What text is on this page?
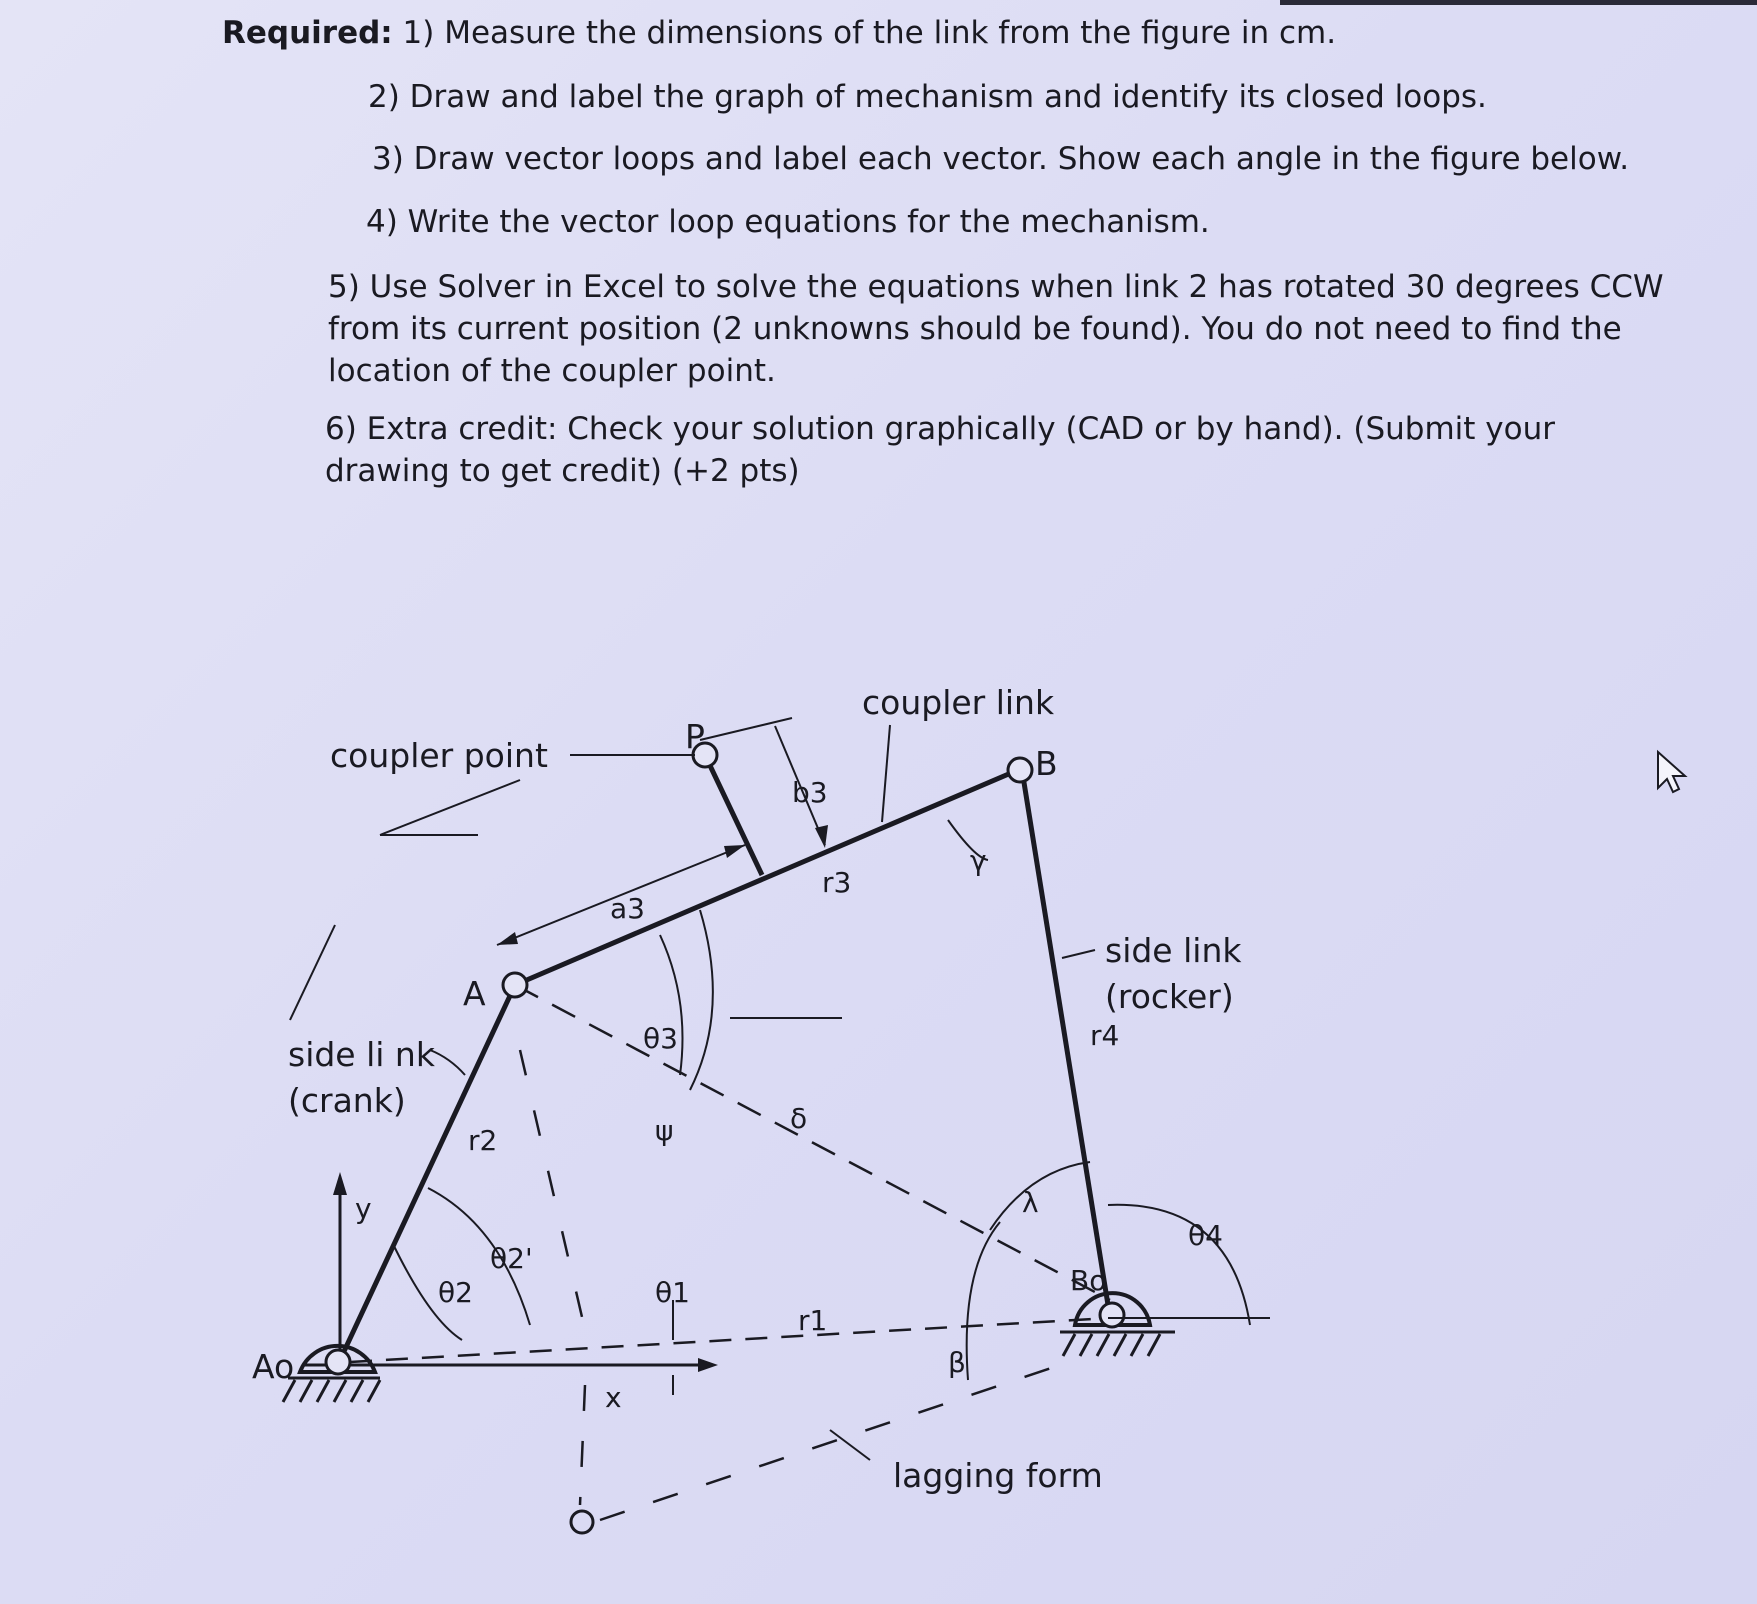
Required: 1) Measure the dimensions of the link from the figure in cm.
2) Draw and label the graph of mechanism and identify its closed loops.
3) Draw vector loops and label each vector. Show each angle in the figure below.
4) Write the vector loop equations for the mechanism.
5) Use Solver in Excel to solve the equations when link 2 has rotated 30 degrees CCW from its current position (2 unknowns should be found). You do not need to find the location of the coupler point.
6) Extra credit: Check your solution graphically (CAD or by hand). (Submit your drawing to get credit) (+2 pts)
coupler point
coupler link
P
B
A
Ao
Bo
b3
a3
r3
r4
r2
r1
side link
(rocker)
side li nk
(crank)
θ3
θ2
θ2'
θ1
θ4
ψ	δ
γ
λ
β
x
y
lagging form
